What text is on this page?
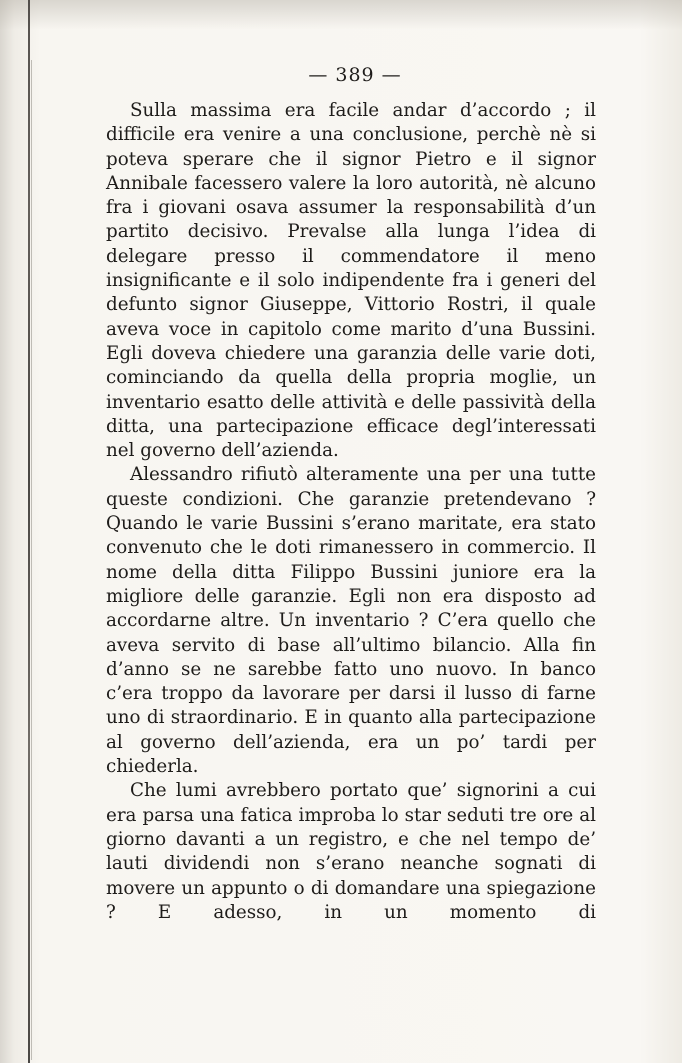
— 389 —

Sulla massima era facile andar d’accordo ; il difficile era venire a una conclusione, perchè nè si poteva sperare che il signor Pietro e il signor Annibale facessero valere la loro autorità, nè alcuno fra i giovani osava assumer la responsabilità d’un partito decisivo. Prevalse alla lunga l’idea di delegare presso il commendatore il meno insignificante e il solo indipendente fra i generi del defunto signor Giuseppe, Vittorio Rostri, il quale aveva voce in capitolo come marito d’una Bussini. Egli doveva chiedere una garanzia delle varie doti, cominciando da quella della propria moglie, un inventario esatto delle attività e delle passività della ditta, una partecipazione efficace degl’interessati nel governo dell’azienda.

Alessandro rifiutò alteramente una per una tutte queste condizioni. Che garanzie pretendevano ? Quando le varie Bussini s’erano maritate, era stato convenuto che le doti rimanessero in commercio. Il nome della ditta Filippo Bussini juniore era la migliore delle garanzie. Egli non era disposto ad accordarne altre. Un inventario ? C’era quello che aveva servito di base all’ultimo bilancio. Alla fin d’anno se ne sarebbe fatto uno nuovo. In banco c’era troppo da lavorare per darsi il lusso di farne uno di straordinario. E in quanto alla partecipazione al governo dell’azienda, era un po’ tardi per chiederla.

Che lumi avrebbero portato que’ signorini a cui era parsa una fatica improba lo star seduti tre ore al giorno davanti a un registro, e che nel tempo de’ lauti dividendi non s’erano neanche sognati di movere un appunto o di domandare una spiegazione ? E adesso, in un momento di
